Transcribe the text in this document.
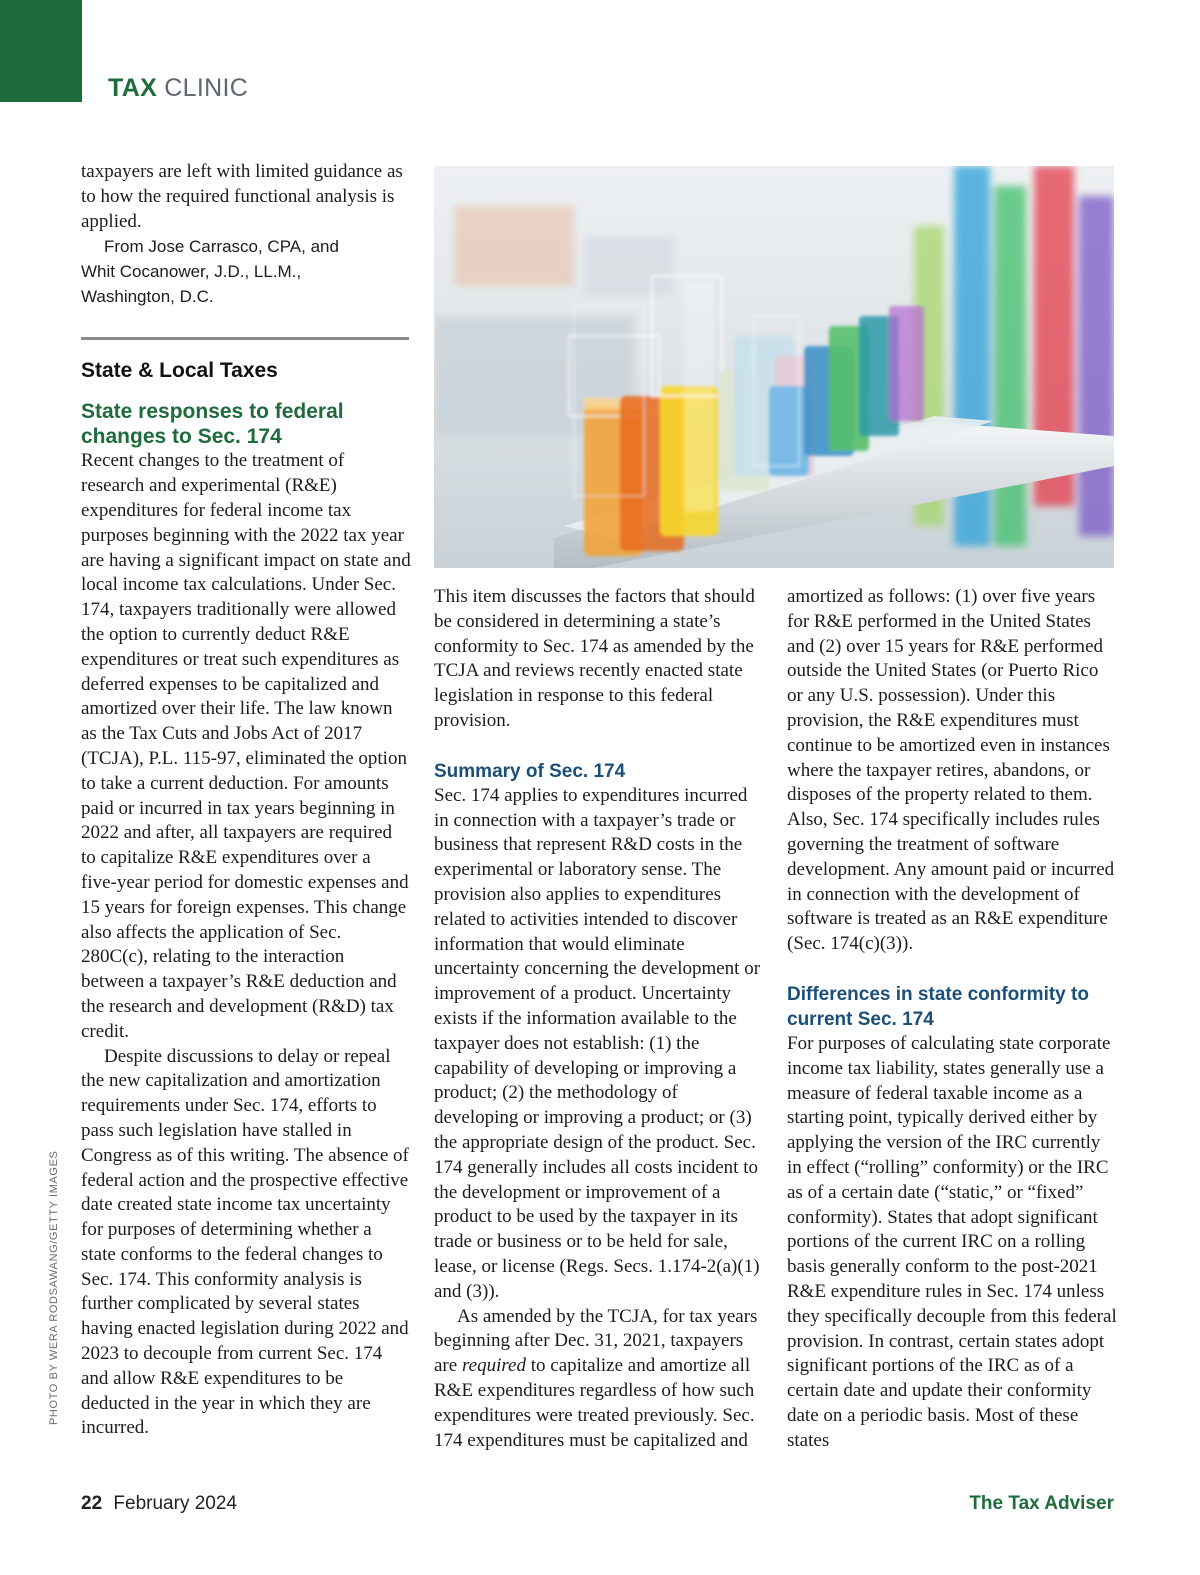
TAX CLINIC

taxpayers are left with limited guidance as to how the required functional analysis is applied.

From Jose Carrasco, CPA, and
Whit Cocanower, J.D., LL.M.,
Washington, D.C.
State & Local Taxes
State responses to federal changes to Sec. 174

Recent changes to the treatment of research and experimental (R&E) expenditures for federal income tax purposes beginning with the 2022 tax year are having a significant impact on state and local income tax calculations. Under Sec. 174, taxpayers traditionally were allowed the option to currently deduct R&E expenditures or treat such expenditures as deferred expenses to be capitalized and amortized over their life. The law known as the Tax Cuts and Jobs Act of 2017 (TCJA), P.L. 115-97, eliminated the option to take a current deduction. For amounts paid or incurred in tax years beginning in 2022 and after, all taxpayers are required to capitalize R&E expenditures over a five-year period for domestic expenses and 15 years for foreign expenses. This change also affects the application of Sec. 280C(c), relating to the interaction between a taxpayer’s R&E deduction and the research and development (R&D) tax credit.

Despite discussions to delay or repeal the new capitalization and amortization requirements under Sec. 174, efforts to pass such legislation have stalled in Congress as of this writing. The absence of federal action and the prospective effective date created state income tax uncertainty for purposes of determining whether a state conforms to the federal changes to Sec. 174. This conformity analysis is further complicated by several states having enacted legislation during 2022 and 2023 to decouple from current Sec. 174 and allow R&E expenditures to be deducted in the year in which they are incurred.

This item discusses the factors that should be considered in determining a state’s conformity to Sec. 174 as amended by the TCJA and reviews recently enacted state legislation in response to this federal provision.

Summary of Sec. 174

Sec. 174 applies to expenditures incurred in connection with a taxpayer’s trade or business that represent R&D costs in the experimental or laboratory sense. The provision also applies to expenditures related to activities intended to discover information that would eliminate uncertainty concerning the development or improvement of a product. Uncertainty exists if the information available to the taxpayer does not establish: (1) the capability of developing or improving a product; (2) the methodology of developing or improving a product; or (3) the appropriate design of the product. Sec. 174 generally includes all costs incident to the development or improvement of a product to be used by the taxpayer in its trade or business or to be held for sale, lease, or license (Regs. Secs. 1.174-2(a)(1) and (3)).

As amended by the TCJA, for tax years beginning after Dec. 31, 2021, taxpayers are required to capitalize and amortize all R&E expenditures regardless of how such expenditures were treated previously. Sec. 174 expenditures must be capitalized and

amortized as follows: (1) over five years for R&E performed in the United States and (2) over 15 years for R&E performed outside the United States (or Puerto Rico or any U.S. possession). Under this provision, the R&E expenditures must continue to be amortized even in instances where the taxpayer retires, abandons, or disposes of the property related to them. Also, Sec. 174 specifically includes rules governing the treatment of software development. Any amount paid or incurred in connection with the development of software is treated as an R&E expenditure (Sec. 174(c)(3)).

Differences in state conformity to current Sec. 174

For purposes of calculating state corporate income tax liability, states generally use a measure of federal taxable income as a starting point, typically derived either by applying the version of the IRC currently in effect (“rolling” conformity) or the IRC as of a certain date (“static,” or “fixed” conformity). States that adopt significant portions of the current IRC on a rolling basis generally conform to the post-2021 R&E expenditure rules in Sec. 174 unless they specifically decouple from this federal provision. In contrast, certain states adopt significant portions of the IRC as of a certain date and update their conformity date on a periodic basis. Most of these states

PHOTO BY WERA RODSAWANG/GETTY IMAGES
22 February 2024	The Tax Adviser
